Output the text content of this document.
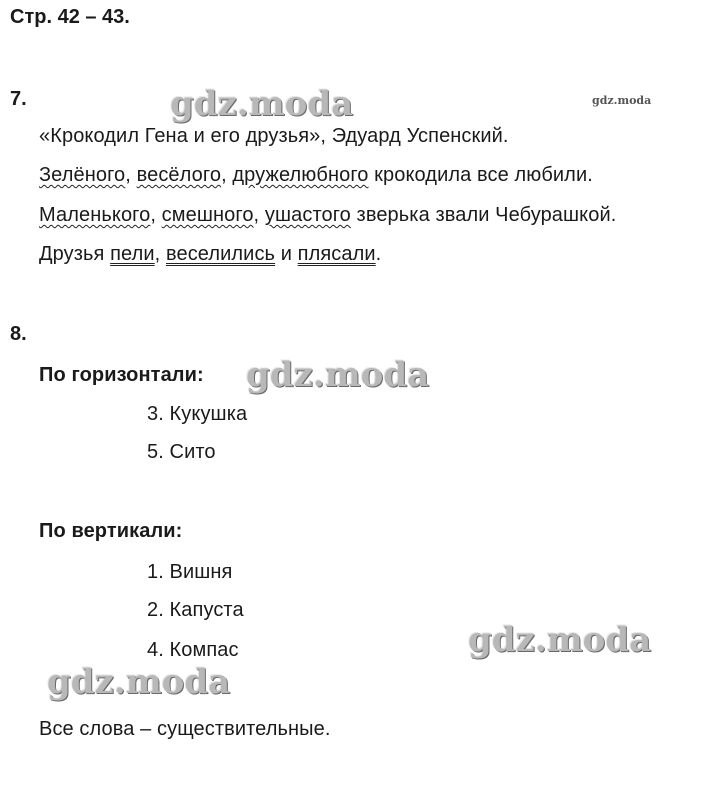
Стр. 42 – 43.
7.
«Крокодил Гена и его друзья», Эдуард Успенский.
Зелёного, весёлого, дружелюбного крокодила все любили.
Маленького, смешного, ушастого зверька звали Чебурашкой.
Друзья пели, веселились и плясали.
8.
По горизонтали:
3. Кукушка
5. Сито
По вертикали:
1. Вишня
2. Капуста
4. Компас
Все слова – существительные.
gdz.moda	gdz.moda
gdz.moda
gdz.moda
gdz.moda
